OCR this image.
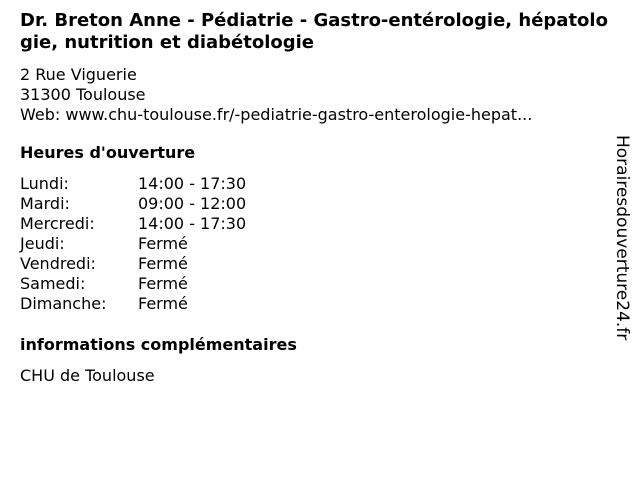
Dr. Breton Anne - Pédiatrie - Gastro-entérologie, hépatologie, nutrition et diabétologie
2 Rue Viguerie
31300 Toulouse
Web: www.chu-toulouse.fr/-pediatrie-gastro-enterologie-hepat...
Heures d'ouverture
Lundi:	14:00 - 17:30
Mardi:	09:00 - 12:00
Mercredi:	14:00 - 17:30
Jeudi:	Fermé
Vendredi:	Fermé
Samedi:	Fermé
Dimanche:	Fermé
informations complémentaires
CHU de Toulouse
Horairesdouverture24.fr
